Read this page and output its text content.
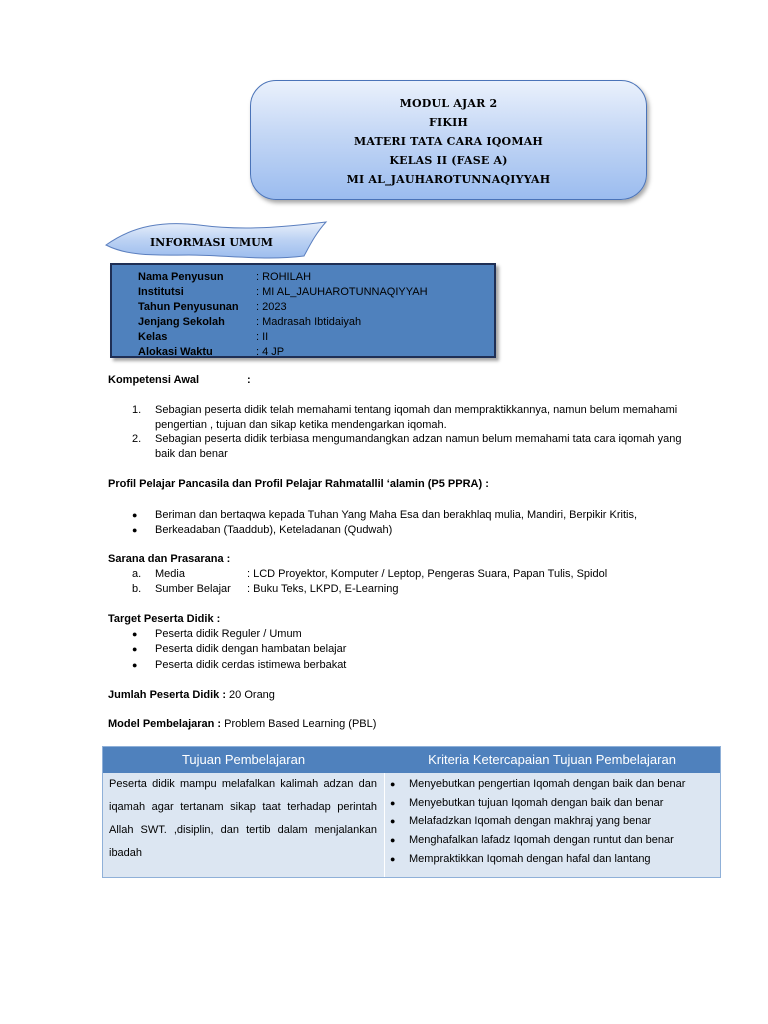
MODUL AJAR 2
FIKIH
MATERI TATA CARA IQOMAH
KELAS II (FASE A)
MI AL_JAUHAROTUNNAQIYYAH
INFORMASI UMUM
Nama Penyusun	: ROHILAH
Institutsi	: MI AL_JAUHAROTUNNAQIYYAH
Tahun Penyusunan : 2023
Jenjang Sekolah	: Madrasah Ibtidaiyah
Kelas	: II
Alokasi Waktu	: 4 JP
Kompetensi Awal	:
1. Sebagian peserta didik telah memahami tentang iqomah dan mempraktikkannya, namun belum memahami
pengertian , tujuan dan sikap ketika mendengarkan iqomah.
2. Sebagian peserta didik terbiasa mengumandangkan adzan namun belum memahami tata cara iqomah yang
baik dan benar
Profil Pelajar Pancasila dan Profil Pelajar Rahmatallil ‘alamin (P5 PPRA) :
● Beriman dan bertaqwa kepada Tuhan Yang Maha Esa dan berakhlaq mulia, Mandiri, Berpikir Kritis,
● Berkeadaban (Taaddub), Keteladanan (Qudwah)
Sarana dan Prasarana :
a. Media	: LCD Proyektor, Komputer / Leptop, Pengeras Suara, Papan Tulis, Spidol
b. Sumber Belajar : Buku Teks, LKPD, E-Learning
Target Peserta Didik :
● Peserta didik Reguler / Umum
● Peserta didik dengan hambatan belajar
● Peserta didik cerdas istimewa berbakat
Jumlah Peserta Didik : 20 Orang
Model Pembelajaran : Problem Based Learning (PBL)
Tujuan Pembelajaran	Kriteria Ketercapaian Tujuan Pembelajaran
Peserta didik mampu melafalkan kalimah adzan dan iqamah agar tertanam sikap taat terhadap perintah Allah SWT. ,disiplin, dan tertib dalam menjalankan ibadah
● Menyebutkan pengertian Iqomah dengan baik dan benar
● Menyebutkan tujuan Iqomah dengan baik dan benar
● Melafadzkan Iqomah dengan makhraj yang benar
● Menghafalkan lafadz Iqomah dengan runtut dan benar
● Mempraktikkan Iqomah dengan hafal dan lantang
